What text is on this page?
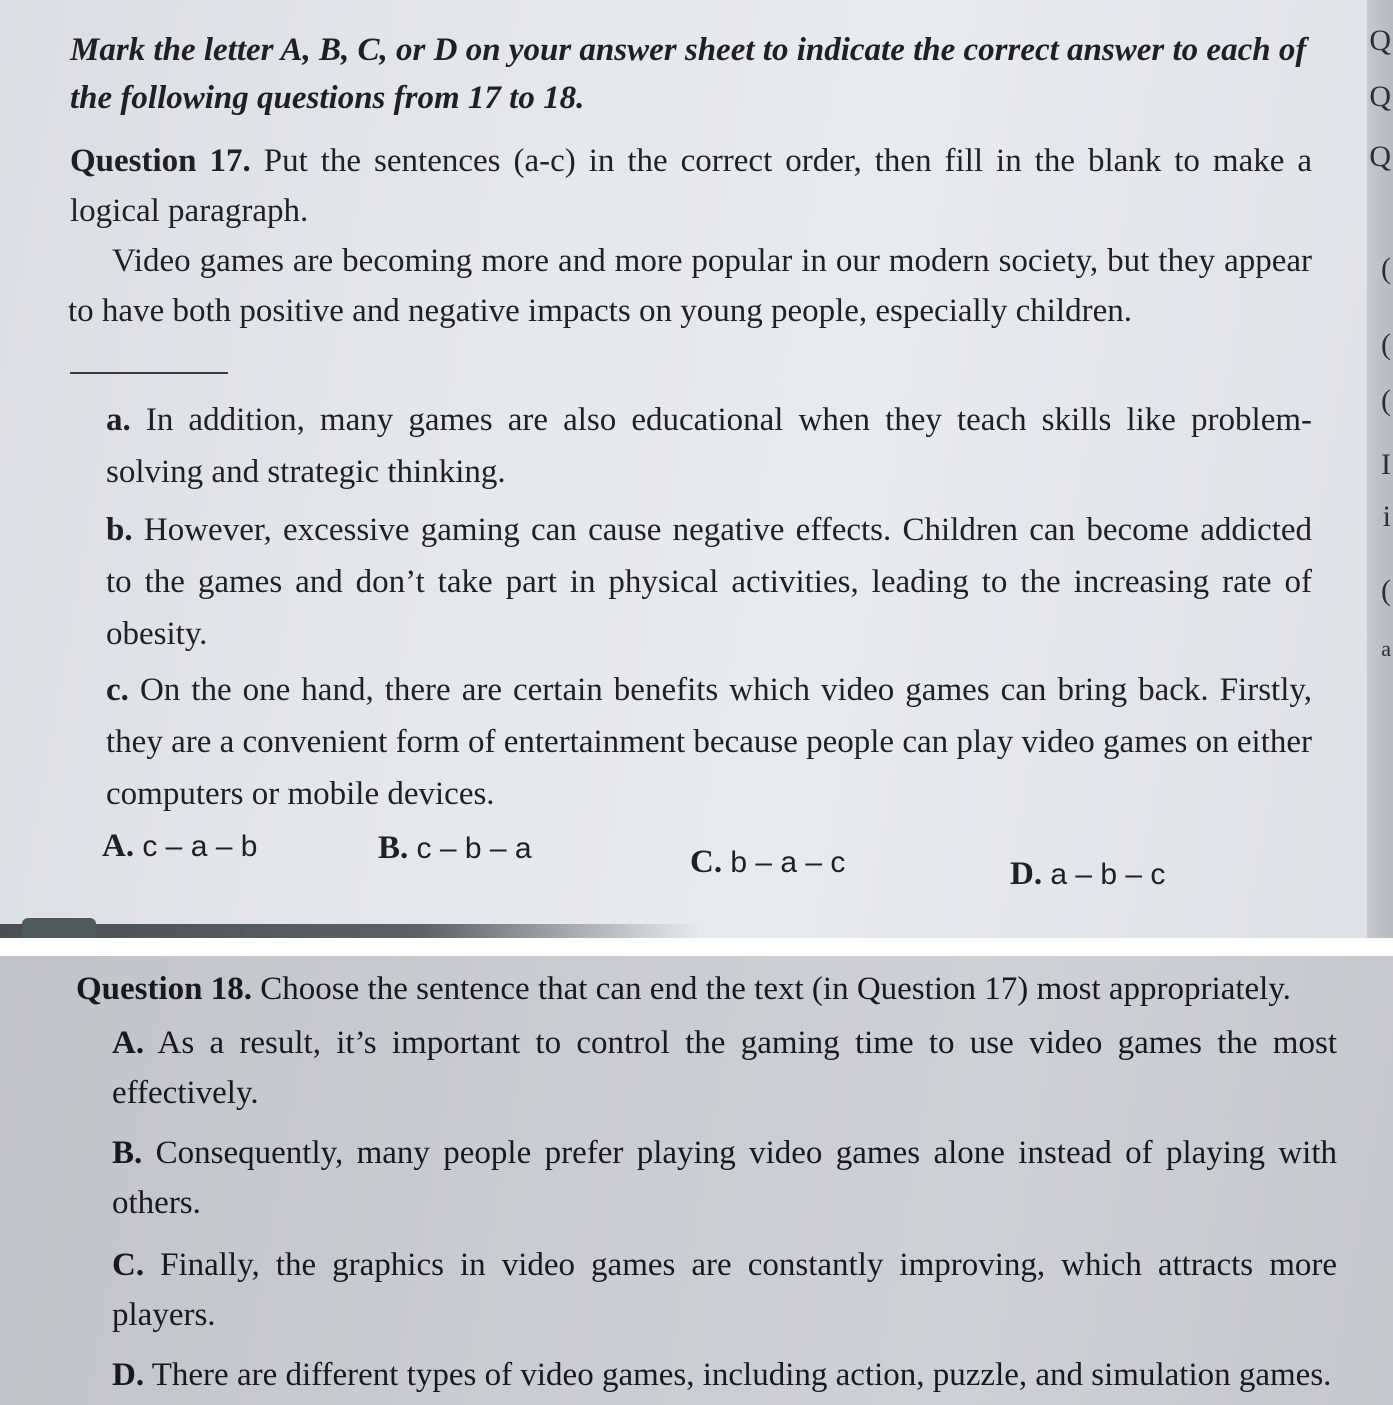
Mark the letter A, B, C, or D on your answer sheet to indicate the correct answer to each of the following questions from 17 to 18.

Question 17. Put the sentences (a-c) in the correct order, then fill in the blank to make a logical paragraph.

Video games are becoming more and more popular in our modern society, but they appear to have both positive and negative impacts on young people, especially children.

a. In addition, many games are also educational when they teach skills like problem-solving and strategic thinking.

b. However, excessive gaming can cause negative effects. Children can become addicted to the games and don’t take part in physical activities, leading to the increasing rate of obesity.

c. On the one hand, there are certain benefits which video games can bring back. Firstly, they are a convenient form of entertainment because people can play video games on either computers or mobile devices.

A. c – a – b	B. c – b – a	C. b – a – c	D. a – b – c
Q
Q
Q
(
(
(
I
i
(
a

Question 18. Choose the sentence that can end the text (in Question 17) most appropriately.

A. As a result, it’s important to control the gaming time to use video games the most effectively.

B. Consequently, many people prefer playing video games alone instead of playing with others.

C. Finally, the graphics in video games are constantly improving, which attracts more players.

D. There are different types of video games, including action, puzzle, and simulation games.
